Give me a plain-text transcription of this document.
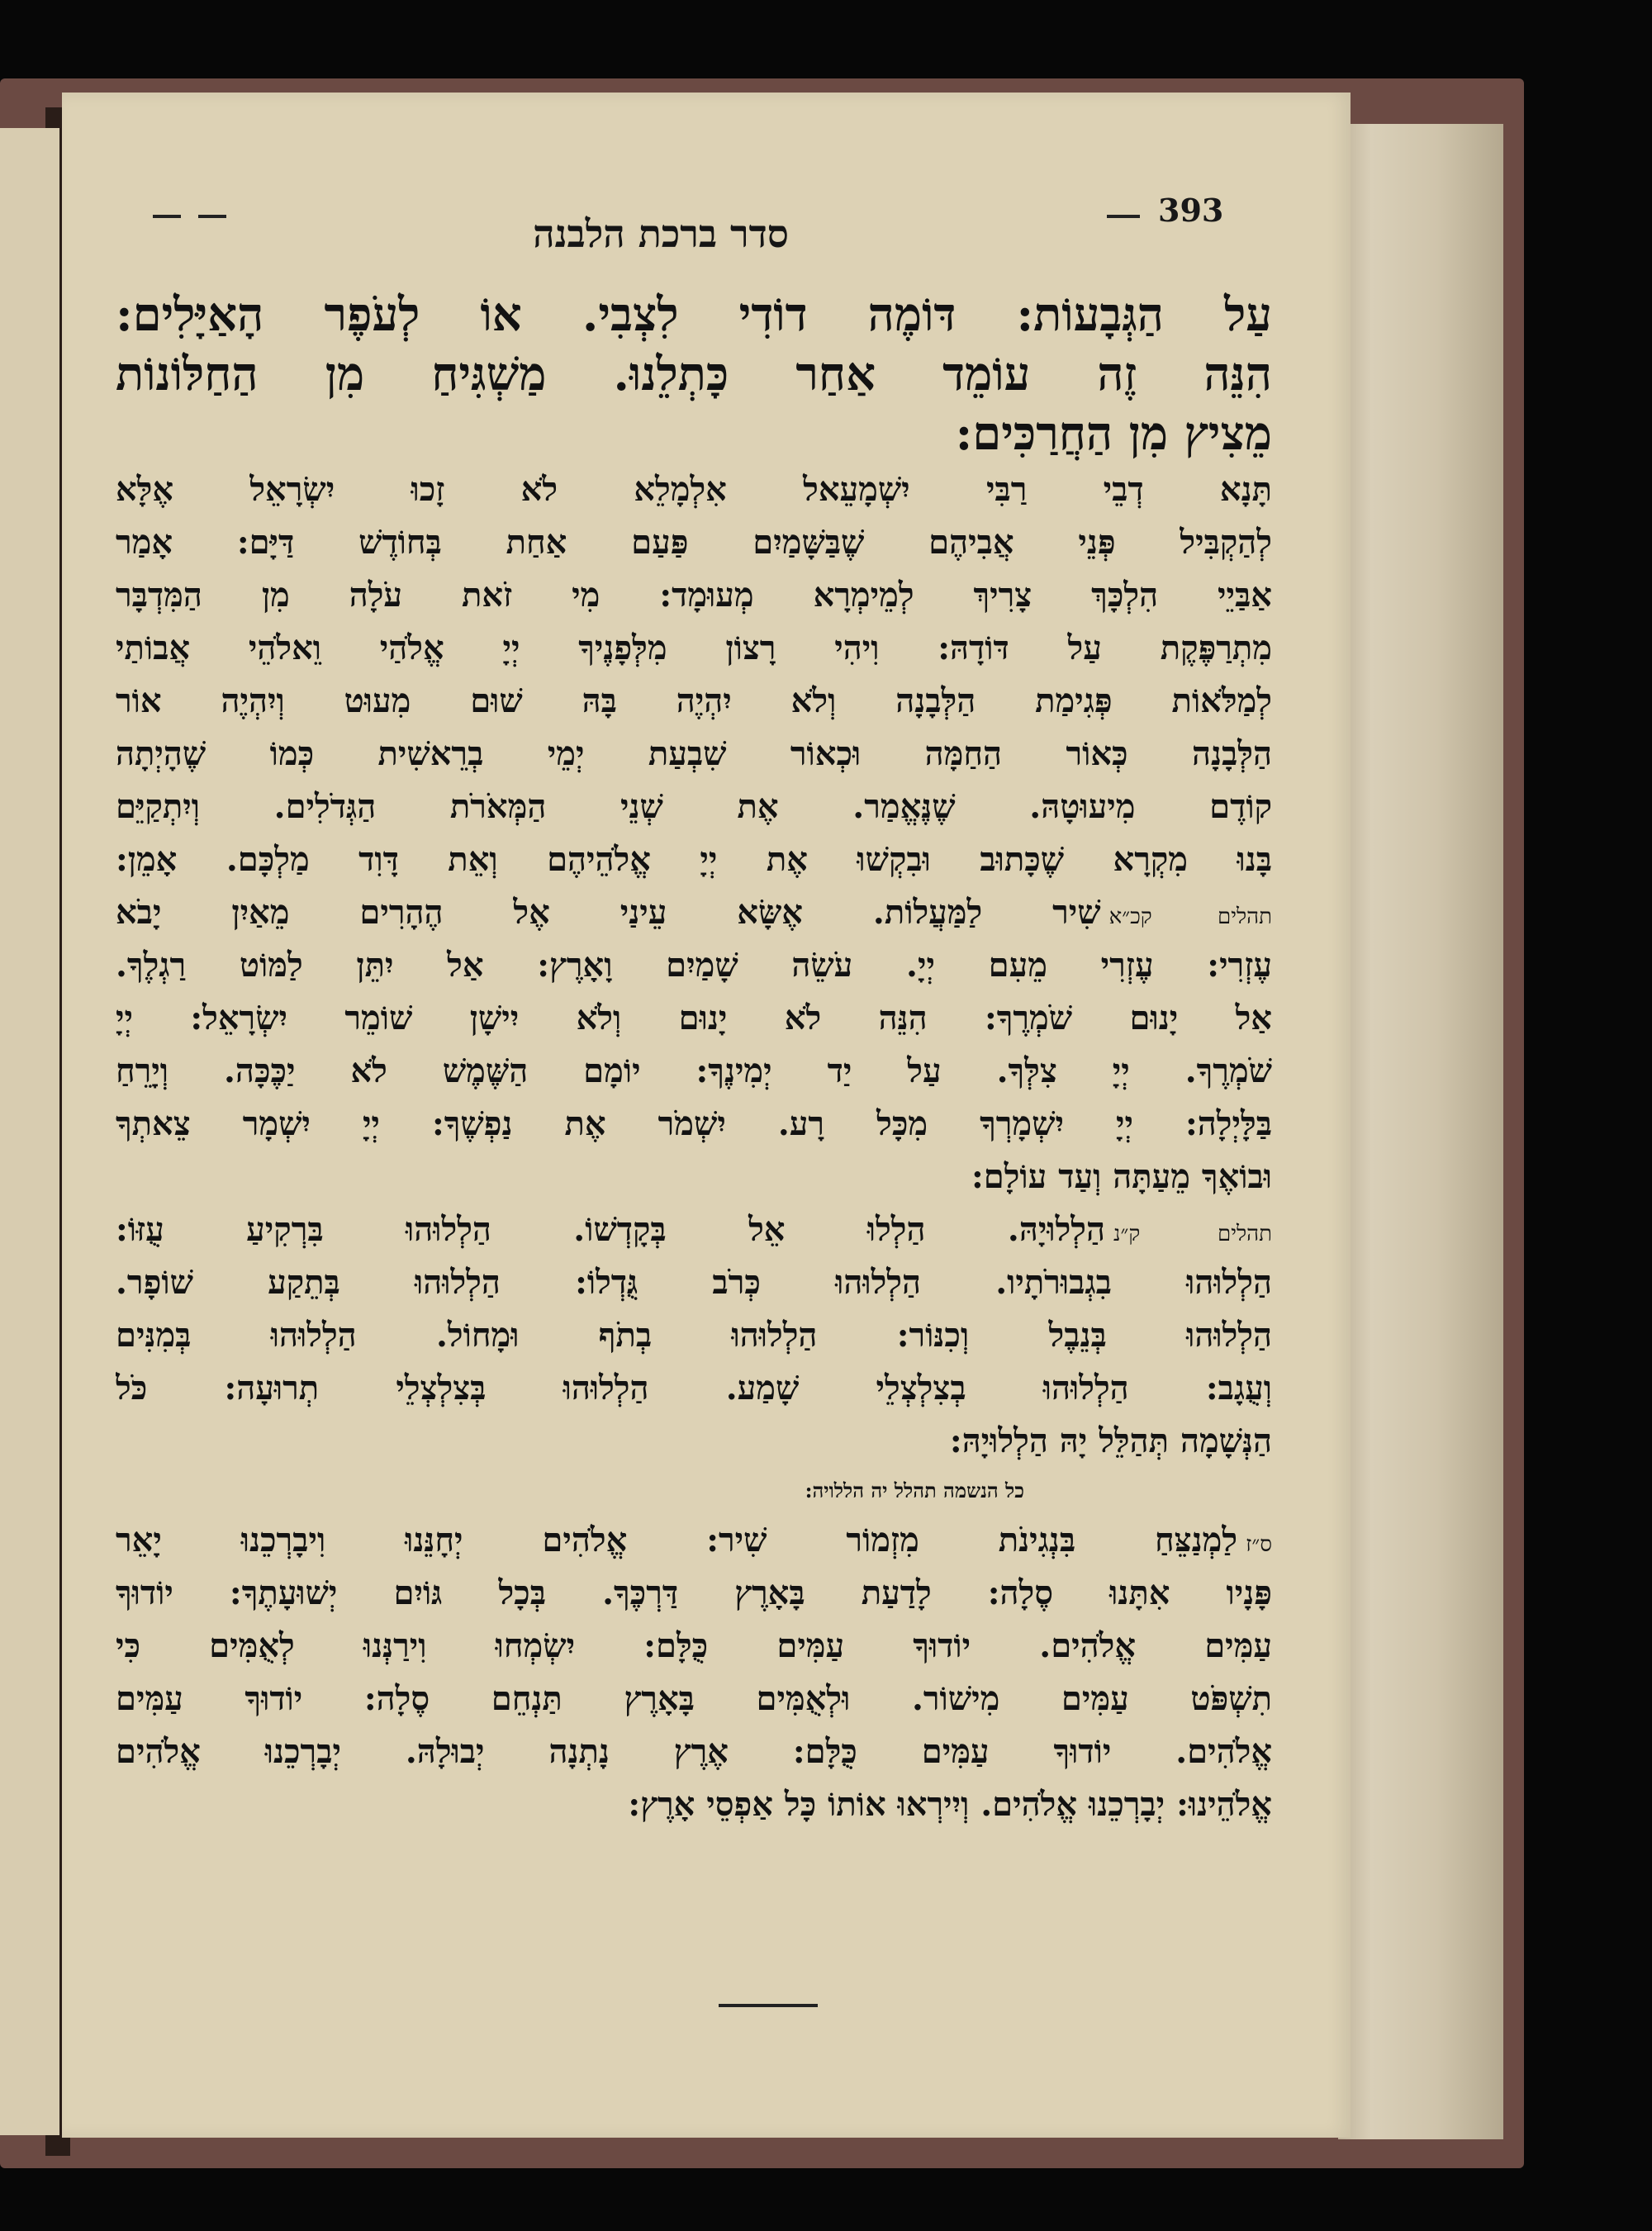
393
סדר ברכת הלבנה
עַל הַגְּבָעוֹת: דּוֹמֶה דוֹדִי לִצְבִי. אוֹ לְעֹפֶר הָאַיָּלִים:
הִנֵּה זֶה עוֹמֵד אַחַר כָּתְלֵנוּ. מַשְׁגִּיחַ מִן הַחַלּוֹנוֹת
מֵצִיץ מִן הַחֲרַכִּים:
תָּנָא דְבֵי רַבִּי יִשְׁמָעֵאל אִלְמָלֵא לֹא זָכוּ יִשְׂרָאֵל אֶלָּא
לְהַקְבִּיל פְּנֵי אֲבִיהֶם שֶׁבַּשָּׁמַיִם פַּעַם אַחַת בְּחוֹדֶשׁ דַּיָּם: אָמַר
אַבַּיֵי הִלְכָּךְ צָרִיךְ לְמֵימְרָא מְעוּמָד: מִי זֹאת עֹלָה מִן הַמִּדְבָּר
מִתְרַפֶּקֶת עַל דּוֹדָהּ: וִיהִי רָצוֹן מִלְּפָנֶיךָ יְיָ אֱלֹהַי וֵאלֹהֵי אֲבוֹתַי
לְמַלֹּאוֹת פְּגִימַת הַלְּבָנָה וְלֹא יִהְיֶה בָּהּ שׁוּם מִעוּט וְיִהְיֶה אוֹר
הַלְּבָנָה כְּאוֹר הַחַמָּה וּכְאוֹר שִׁבְעַת יְמֵי בְרֵאשִׁית כְּמוֹ שֶׁהָיְתָה
קוֹדֶם מִיעוּטָהּ. שֶׁנֶּאֱמַר. אֶת שְׁנֵי הַמְּאֹרֹת הַגְּדֹלִים. וְיִתְקַיֵּם
בָּנוּ מִקְרָא שֶׁכָּתוּב וּבִקְשׁוּ אֶת יְיָ אֱלֹהֵיהֶם וְאֵת דָּוִד מַלְכָּם. אָמֵן:
תהלים קכ״אשִׁיר לַמַּעֲלוֹת. אֶשָּׂא עֵינַי אֶל הֶהָרִים מֵאַיִן יָבֹא
עֶזְרִי: עֶזְרִי מֵעִם יְיָ. עֹשֵׂה שָׁמַיִם וָאָרֶץ: אַל יִתֵּן לַמּוֹט רַגְלֶךָ.
אַל יָנוּם שֹׁמְרֶךָ: הִנֵּה לֹא יָנוּם וְלֹא יִישָׁן שׁוֹמֵר יִשְׂרָאֵל: יְיָ
שֹׁמְרֶךָ. יְיָ צִלְּךָ. עַל יַד יְמִינֶךָ: יוֹמָם הַשֶּׁמֶשׁ לֹא יַכֶּכָּה. וְיָרֵחַ
בַּלָּיְלָה: יְיָ יִשְׁמָרְךָ מִכָּל רָע. יִשְׁמֹר אֶת נַפְשֶׁךָ: יְיָ יִשְׁמָר צֵאתְךָ
וּבוֹאֶךָ מֵעַתָּה וְעַד עוֹלָם:
תהלים ק״נהַלְלוּיָהּ. הַלְלוּ אֵל בְּקָדְשׁוֹ. הַלְלוּהוּ בִּרְקִיעַ עֻזּוֹ:
הַלְלוּהוּ בִגְבוּרֹתָיו. הַלְלוּהוּ כְּרֹב גֻּדְלוֹ: הַלְלוּהוּ בְּתֵקַע שׁוֹפָר.
הַלְלוּהוּ בְּנֵבֶל וְכִנּוֹר: הַלְלוּהוּ בְתֹף וּמָחוֹל. הַלְלוּהוּ בְּמִנִּים
וְעֻגָב: הַלְלוּהוּ בְצִלְצְלֵי שָׁמַע. הַלְלוּהוּ בְּצִלְצְלֵי תְרוּעָה: כֹּל
הַנְּשָׁמָה תְּהַלֵּל יָהּ הַלְלוּיָהּ:
כל הנשמה תהלל יה הללויה:
ס״זלַמְנַצֵּחַ בִּנְגִינֹת מִזְמוֹר שִׁיר: אֱלֹהִים יְחָנֵּנוּ וִיבָרְכֵנוּ יָאֵר
פָּנָיו אִתָּנוּ סֶלָה: לָדַעַת בָּאָרֶץ דַּרְכֶּךָ. בְּכָל גּוֹיִם יְשׁוּעָתֶךָ: יוֹדוּךָ
עַמִּים אֱלֹהִים. יוֹדוּךָ עַמִּים כֻּלָּם: יִשְׂמְחוּ וִירַנְּנוּ לְאֻמִּים כִּי
תִשְׁפֹּט עַמִּים מִישׁוֹר. וּלְאֻמִּים בָּאָרֶץ תַּנְחֵם סֶלָה: יוֹדוּךָ עַמִּים
אֱלֹהִים. יוֹדוּךָ עַמִּים כֻּלָּם: אֶרֶץ נָתְנָה יְבוּלָהּ. יְבָרְכֵנוּ אֱלֹהִים
אֱלֹהֵינוּ: יְבָרְכֵנוּ אֱלֹהִים. וְיִירְאוּ אוֹתוֹ כָּל אַפְסֵי אָרֶץ:
